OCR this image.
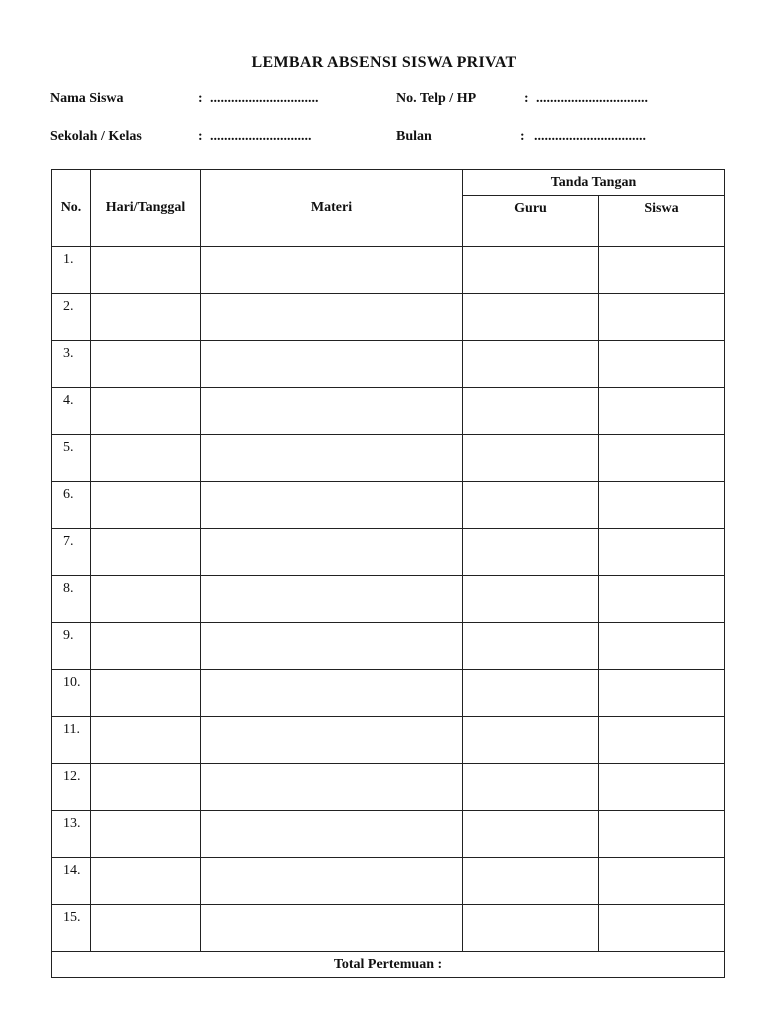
LEMBAR ABSENSI SISWA PRIVAT
Nama Siswa	: ...............................	No. Telp / HP	: ................................
Sekolah / Kelas	: .............................	Bulan	: ................................
No.	Hari/Tanggal	Materi	Tanda Tangan	
			Guru	Siswa
1.				
2.				
3.				
4.				
5.				
6.				
7.				
8.				
9.				
10.				
11.				
12.				
13.				
14.				
15.				
Total Pertemuan :				
